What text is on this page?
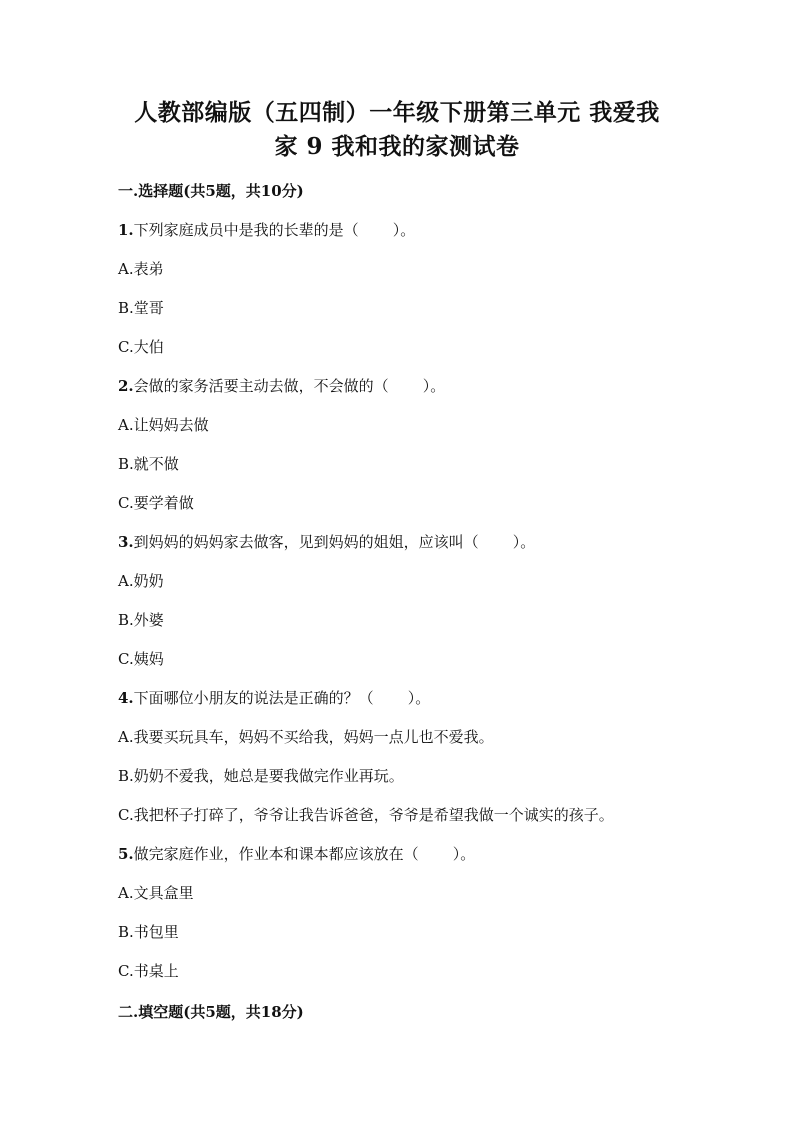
人教部编版（五四制）一年级下册第三单元 我爱我
家 9 我和我的家测试卷
一.选择题(共5题，共10分)
1.下列家庭成员中是我的长辈的是（ ）。
A.表弟
B.堂哥
C.大伯
2.会做的家务活要主动去做，不会做的（ ）。
A.让妈妈去做
B.就不做
C.要学着做
3.到妈妈的妈妈家去做客，见到妈妈的姐姐，应该叫（ ）。
A.奶奶
B.外婆
C.姨妈
4.下面哪位小朋友的说法是正确的？（ ）。
A.我要买玩具车，妈妈不买给我，妈妈一点儿也不爱我。
B.奶奶不爱我，她总是要我做完作业再玩。
C.我把杯子打碎了，爷爷让我告诉爸爸，爷爷是希望我做一个诚实的孩子。
5.做完家庭作业，作业本和课本都应该放在（ ）。
A.文具盒里
B.书包里
C.书桌上
二.填空题(共5题，共18分)
